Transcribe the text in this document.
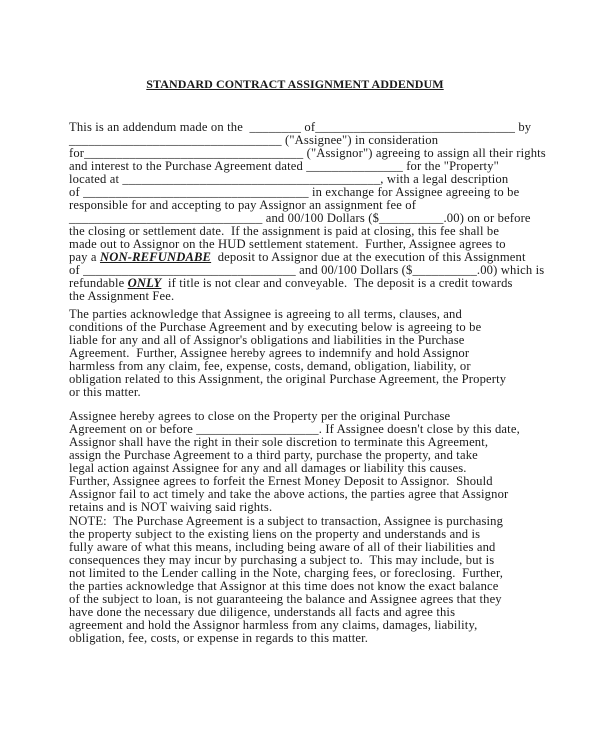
STANDARD CONTRACT ASSIGNMENT ADDENDUM
This is an addendum made on the  ________ of_______________________________ by
_________________________________ ("Assignee") in consideration
for__________________________________ ("Assignor") agreeing to assign all their rights
and interest to the Purchase Agreement dated _______________ for the "Property"
located at ________________________________________, with a legal description
of ___________________________________ in exchange for Assignee agreeing to be
responsible for and accepting to pay Assignor an assignment fee of
______________________________ and 00/100 Dollars ($__________.00) on or before
the closing or settlement date.  If the assignment is paid at closing, this fee shall be
made out to Assignor on the HUD settlement statement.  Further, Assignee agrees to
pay a NON-REFUNDABE  deposit to Assignor due at the execution of this Assignment
of _________________________________ and 00/100 Dollars ($__________.00) which is
refundable ONLY  if title is not clear and conveyable.  The deposit is a credit towards
the Assignment Fee.
The parties acknowledge that Assignee is agreeing to all terms, clauses, and
conditions of the Purchase Agreement and by executing below is agreeing to be
liable for any and all of Assignor's obligations and liabilities in the Purchase
Agreement.  Further, Assignee hereby agrees to indemnify and hold Assignor
harmless from any claim, fee, expense, costs, demand, obligation, liability, or
obligation related to this Assignment, the original Purchase Agreement, the Property
or this matter.
Assignee hereby agrees to close on the Property per the original Purchase
Agreement on or before ___________________. If Assignee doesn't close by this date,
Assignor shall have the right in their sole discretion to terminate this Agreement,
assign the Purchase Agreement to a third party, purchase the property, and take
legal action against Assignee for any and all damages or liability this causes.
Further, Assignee agrees to forfeit the Ernest Money Deposit to Assignor.  Should
Assignor fail to act timely and take the above actions, the parties agree that Assignor
retains and is NOT waiving said rights.
NOTE:  The Purchase Agreement is a subject to transaction, Assignee is purchasing
the property subject to the existing liens on the property and understands and is
fully aware of what this means, including being aware of all of their liabilities and
consequences they may incur by purchasing a subject to.  This may include, but is
not limited to the Lender calling in the Note, charging fees, or foreclosing.  Further,
the parties acknowledge that Assignor at this time does not know the exact balance
of the subject to loan, is not guaranteeing the balance and Assignee agrees that they
have done the necessary due diligence, understands all facts and agree this
agreement and hold the Assignor harmless from any claims, damages, liability,
obligation, fee, costs, or expense in regards to this matter.
